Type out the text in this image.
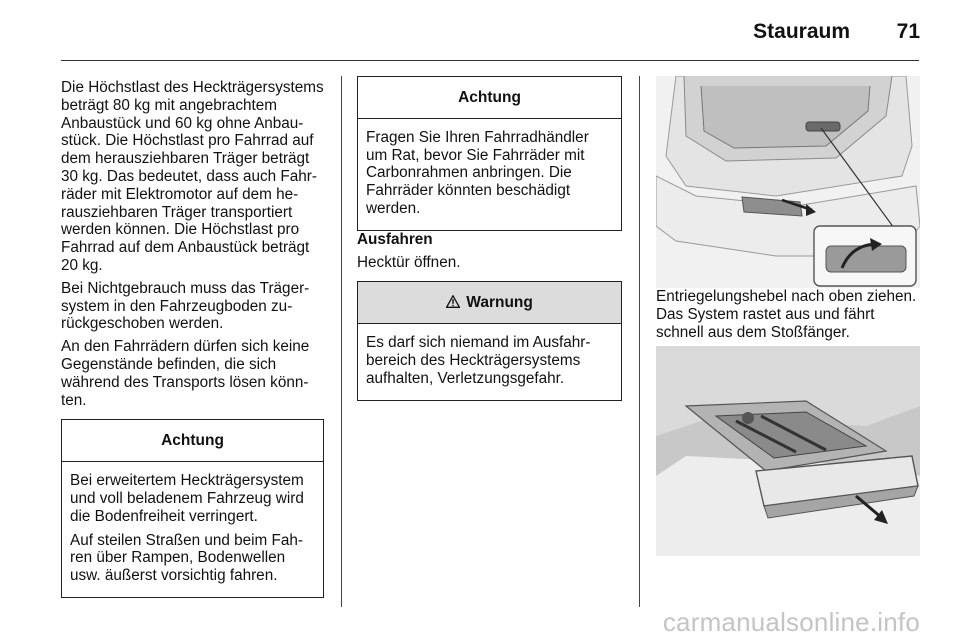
Stauraum 71

Die Höchstlast des Heckträgersystems beträgt 80 kg mit angebrachtem Anbaustück und 60 kg ohne Anbaustück. Die Höchstlast pro Fahrrad auf dem herausziehbaren Träger beträgt 30 kg. Das bedeutet, dass auch Fahrräder mit Elektromotor auf dem herausziehbaren Träger transportiert werden können. Die Höchstlast pro Fahrrad auf dem Anbaustück beträgt 20 kg.

Bei Nichtgebrauch muss das Trägersystem in den Fahrzeugboden zurückgeschoben werden.

An den Fahrrädern dürfen sich keine Gegenstände befinden, die sich während des Transports lösen könnten.

Achtung

Bei erweitertem Heckträgersystem und voll beladenem Fahrzeug wird die Bodenfreiheit verringert.

Auf steilen Straßen und beim Fahren über Rampen, Bodenwellen usw. äußerst vorsichtig fahren.

Achtung

Fragen Sie Ihren Fahrradhändler um Rat, bevor Sie Fahrräder mit Carbonrahmen anbringen. Die Fahrräder könnten beschädigt werden.

Ausfahren

Hecktür öffnen.

Warnung

Es darf sich niemand im Ausfahrbereich des Heckträgersystems aufhalten, Verletzungsgefahr.

Entriegelungshebel nach oben ziehen. Das System rastet aus und fährt schnell aus dem Stoßfänger.

carmanualsonline.info
